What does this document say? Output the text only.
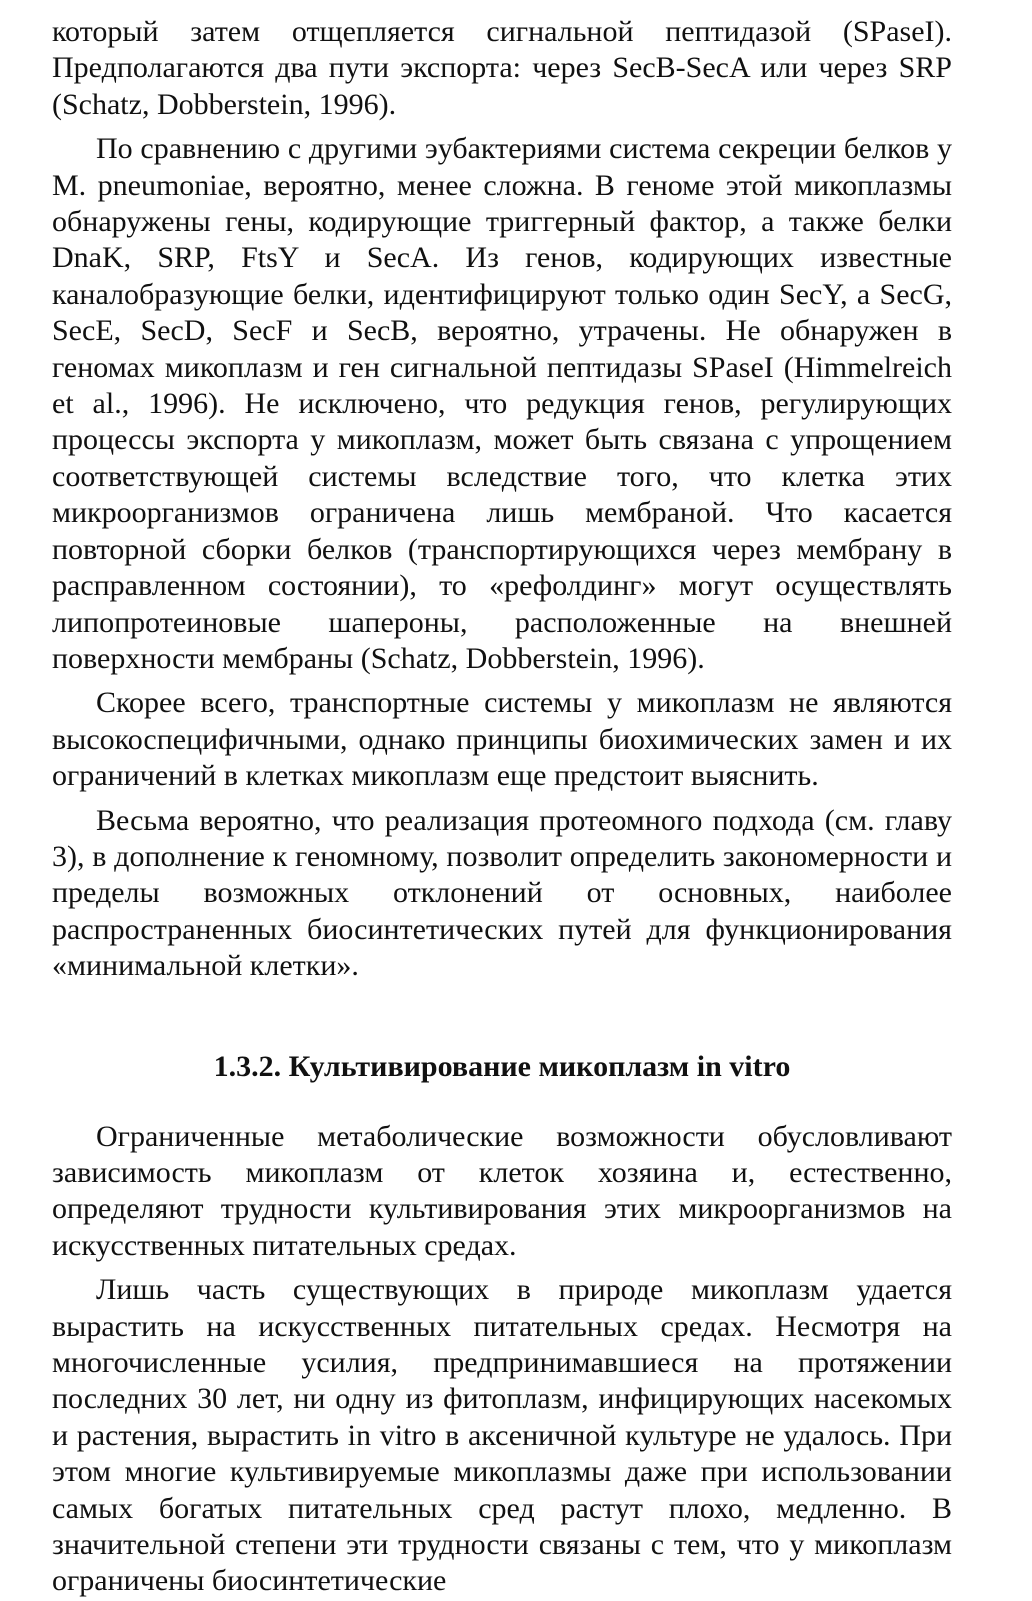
который затем отщепляется сигнальной пептидазой (SPaseI). Предполагаются два пути экспорта: через SecB-SecA или через SRP (Schatz, Dobberstein, 1996).

По сравнению с другими эубактериями система секреции белков у M. pneumoniae, вероятно, менее сложна. В геноме этой микоплазмы обнаружены гены, кодирующие триггерный фактор, а также белки DnaK, SRP, FtsY и SecA. Из генов, кодирующих известные каналобразующие белки, идентифицируют только один SecY, а SecG, SecE, SecD, SecF и SecB, вероятно, утрачены. Не обнаружен в геномах микоплазм и ген сигнальной пептидазы SPaseI (Himmelreich et al., 1996). Не исключено, что редукция генов, регулирующих процессы экспорта у микоплазм, может быть связана с упрощением соответствующей системы вследствие того, что клетка этих микроорганизмов ограничена лишь мембраной. Что касается повторной сборки белков (транспортирующихся через мембрану в расправленном состоянии), то «рефолдинг» могут осуществлять липопротеиновые шапероны, расположенные на внешней поверхности мембраны (Schatz, Dobberstein, 1996).

Скорее всего, транспортные системы у микоплазм не являются высокоспецифичными, однако принципы биохимических замен и их ограничений в клетках микоплазм еще предстоит выяснить.

Весьма вероятно, что реализация протеомного подхода (см. главу 3), в дополнение к геномному, позволит определить закономерности и пределы возможных отклонений от основных, наиболее распространенных биосинтетических путей для функционирования «минимальной клетки».

1.3.2. Культивирование микоплазм in vitro

Ограниченные метаболические возможности обусловливают зависимость микоплазм от клеток хозяина и, естественно, определяют трудности культивирования этих микроорганизмов на искусственных питательных средах.

Лишь часть существующих в природе микоплазм удается вырастить на искусственных питательных средах. Несмотря на многочисленные усилия, предпринимавшиеся на протяжении последних 30 лет, ни одну из фитоплазм, инфицирующих насекомых и растения, вырастить in vitro в аксеничной культуре не удалось. При этом многие культивируемые микоплазмы даже при использовании самых богатых питательных сред растут плохо, медленно. В значительной степени эти трудности связаны с тем, что у микоплазм ограничены биосинтетические
